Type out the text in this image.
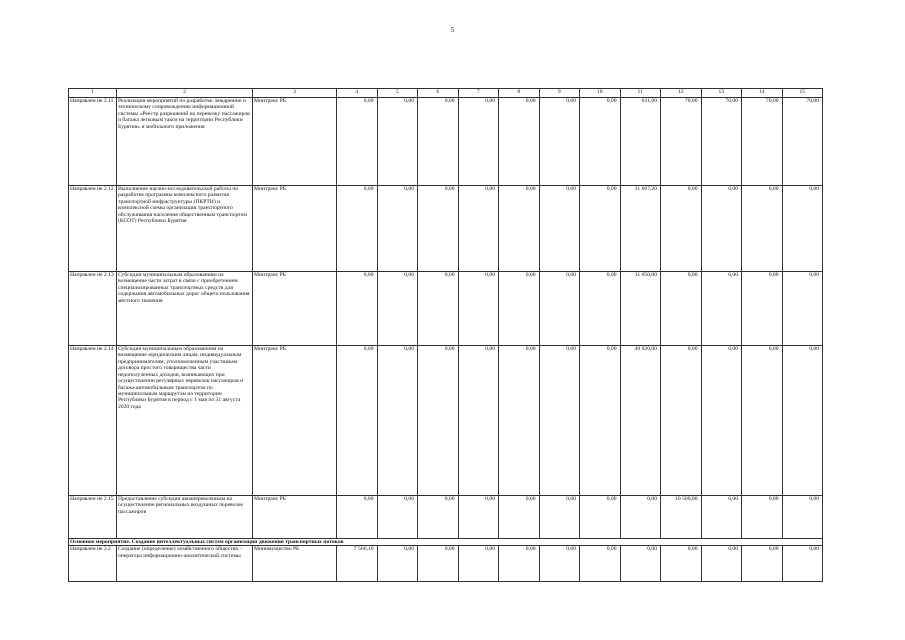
5
1	2	3	4	5	6	7	8	9	10	11	12	13	14	15
Направлен ие 2.11	Реализация мероприятий по разработке, внедрению и техническому сопровождению информационной системы «Реестр разрешений на перевозку пассажиров и багажа легковым такси на территории Республики Бурятия» и мобильного приложения	Минтранс РБ	0,00	0,00	0,00	0,00	0,00	0,00	0,00	631,00	70,00	70,00	70,00	70,00
Направлен ие 2.12	Выполнение научно-исследовательской работы по разработке программы комплексного развития транспортной инфраструктуры (ПКРТИ) и комплексной схемы организации транспортного обслуживания населения общественным транспортом (КСОТ) Республики Бурятия	Минтранс РБ	0,00	0,00	0,00	0,00	0,00	0,00	0,00	31 667,20	0,00	0,00	0,00	0,00
Направлен ие 2.13	Субсидии муниципальным образованиям на возмещение части затрат в связи с приобретением специализированных транспортных средств для содержания автомобильных дорог общего пользования местного значения	Минтранс РБ	0,00	0,00	0,00	0,00	0,00	0,00	0,00	11 050,00	0,00	0,00	0,00	0,00
Направлен ие 2.14	Субсидия муниципальным образованиям на возмещение юридическим лицам, индивидуальным предпринимателям, уполномоченным участникам договора простого товарищества части недополученных доходов, возникающих при осуществлении регулярных перевозок пассажиров и багажа автомобильным транспортом по муниципальным маршрутам на территории Республики Бурятия в период с 1 мая по 31 августа 2020 года	Минтранс РБ	0,00	0,00	0,00	0,00	0,00	0,00	0,00	49 020,00	0,00	0,00	0,00	0,00
Направлен ие 2.15	Предоставление субсидии авиаперевозчикам на осуществление региональных воздушных перевозок пассажиров	Минтранс РБ	0,00	0,00	0,00	0,00	0,00	0,00	0,00	0,00	10 500,00	0,00	0,00	0,00
Основное мероприятие. Создание интеллектуальных систем организации движения транспортных потоков														
Направлен ие 3.2	Создание (определение) хозяйственного общества – оператора информационно-аналитической системы	Минимущество РБ	7 566,10	0,00	0,00	0,00	0,00	0,00	0,00	0,00	0,00	0,00	0,00	0,00
